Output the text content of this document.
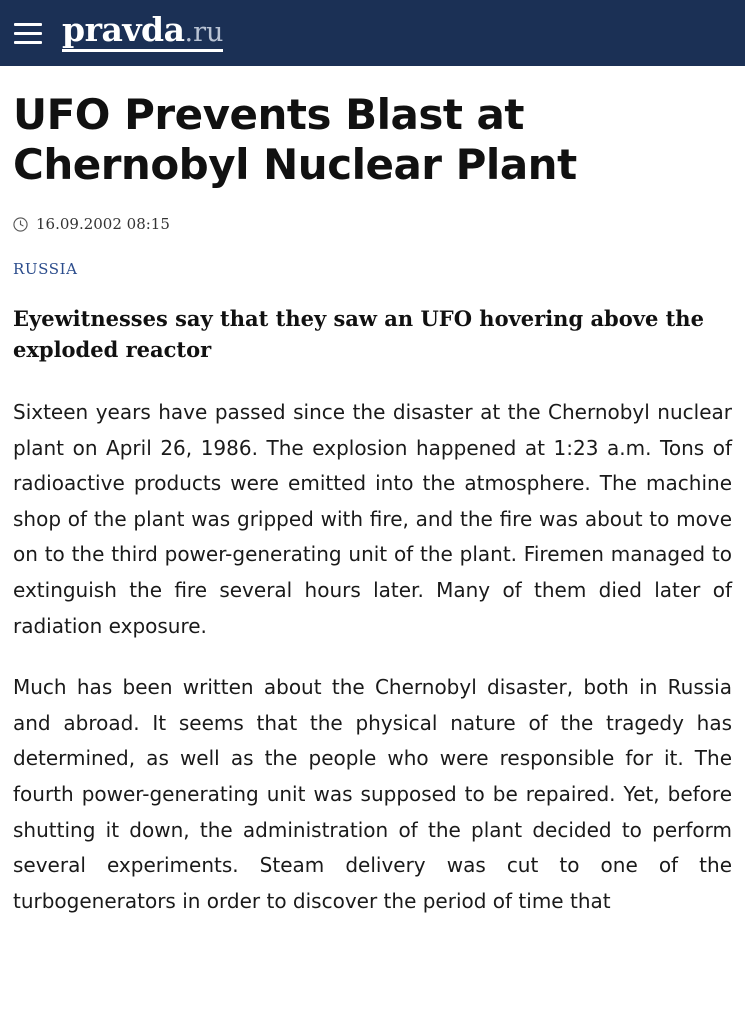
pravda .ru
UFO Prevents Blast at Chernobyl Nuclear Plant
16.09.2002 08:15
RUSSIA
Eyewitnesses say that they saw an UFO hovering above the exploded reactor

Sixteen years have passed since the disaster at the Chernobyl nuclear plant on April 26, 1986. The explosion happened at 1:23 a.m. Tons of radioactive products were emitted into the atmosphere. The machine shop of the plant was gripped with fire, and the fire was about to move on to the third power-generating unit of the plant. Firemen managed to extinguish the fire several hours later. Many of them died later of radiation exposure.

Much has been written about the Chernobyl disaster, both in Russia and abroad. It seems that the physical nature of the tragedy has determined, as well as the people who were responsible for it. The fourth power-generating unit was supposed to be repaired. Yet, before shutting it down, the administration of the plant decided to perform several experiments. Steam delivery was cut to one of the turbogenerators in order to discover the period of time that
